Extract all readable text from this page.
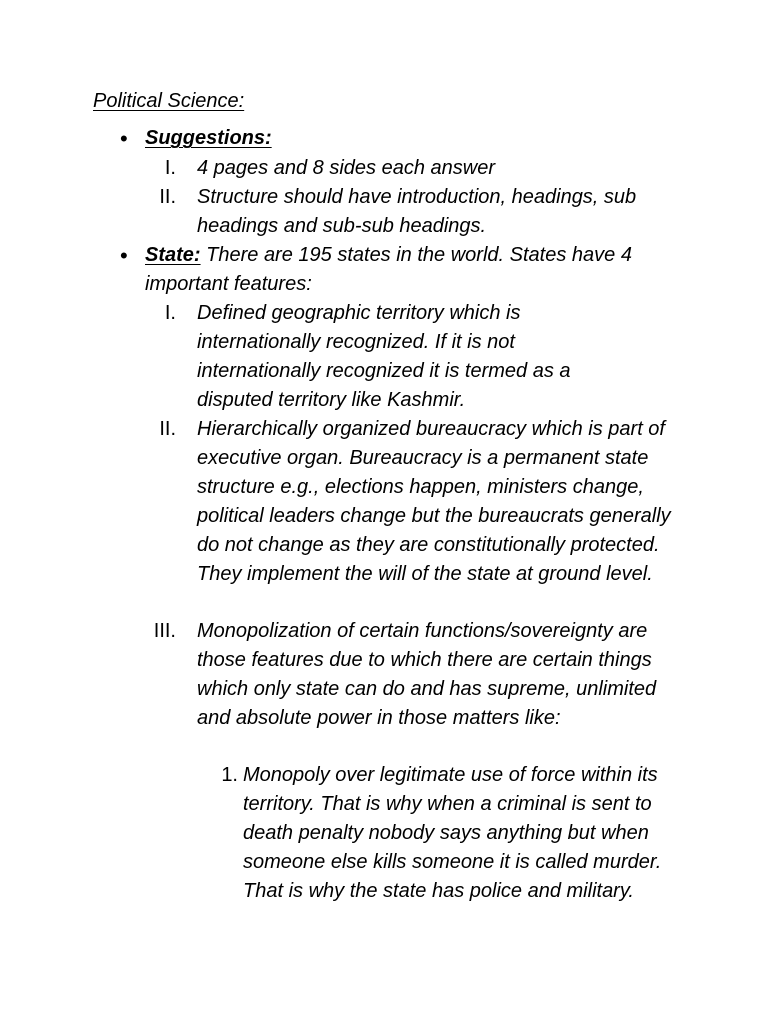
Political Science:
• Suggestions:
I. 4 pages and 8 sides each answer
II. Structure should have introduction, headings, sub headings and sub-sub headings.
• State: There are 195 states in the world. States have 4 important features:
I. Defined geographic territory which is internationally recognized. If it is not internationally recognized it is termed as a disputed territory like Kashmir.
II. Hierarchically organized bureaucracy which is part of executive organ. Bureaucracy is a permanent state structure e.g., elections happen, ministers change, political leaders change but the bureaucrats generally do not change as they are constitutionally protected. They implement the will of the state at ground level.
III. Monopolization of certain functions/sovereignty are those features due to which there are certain things which only state can do and has supreme, unlimited and absolute power in those matters like:
1. Monopoly over legitimate use of force within its territory. That is why when a criminal is sent to death penalty nobody says anything but when someone else kills someone it is called murder. That is why the state has police and military.
